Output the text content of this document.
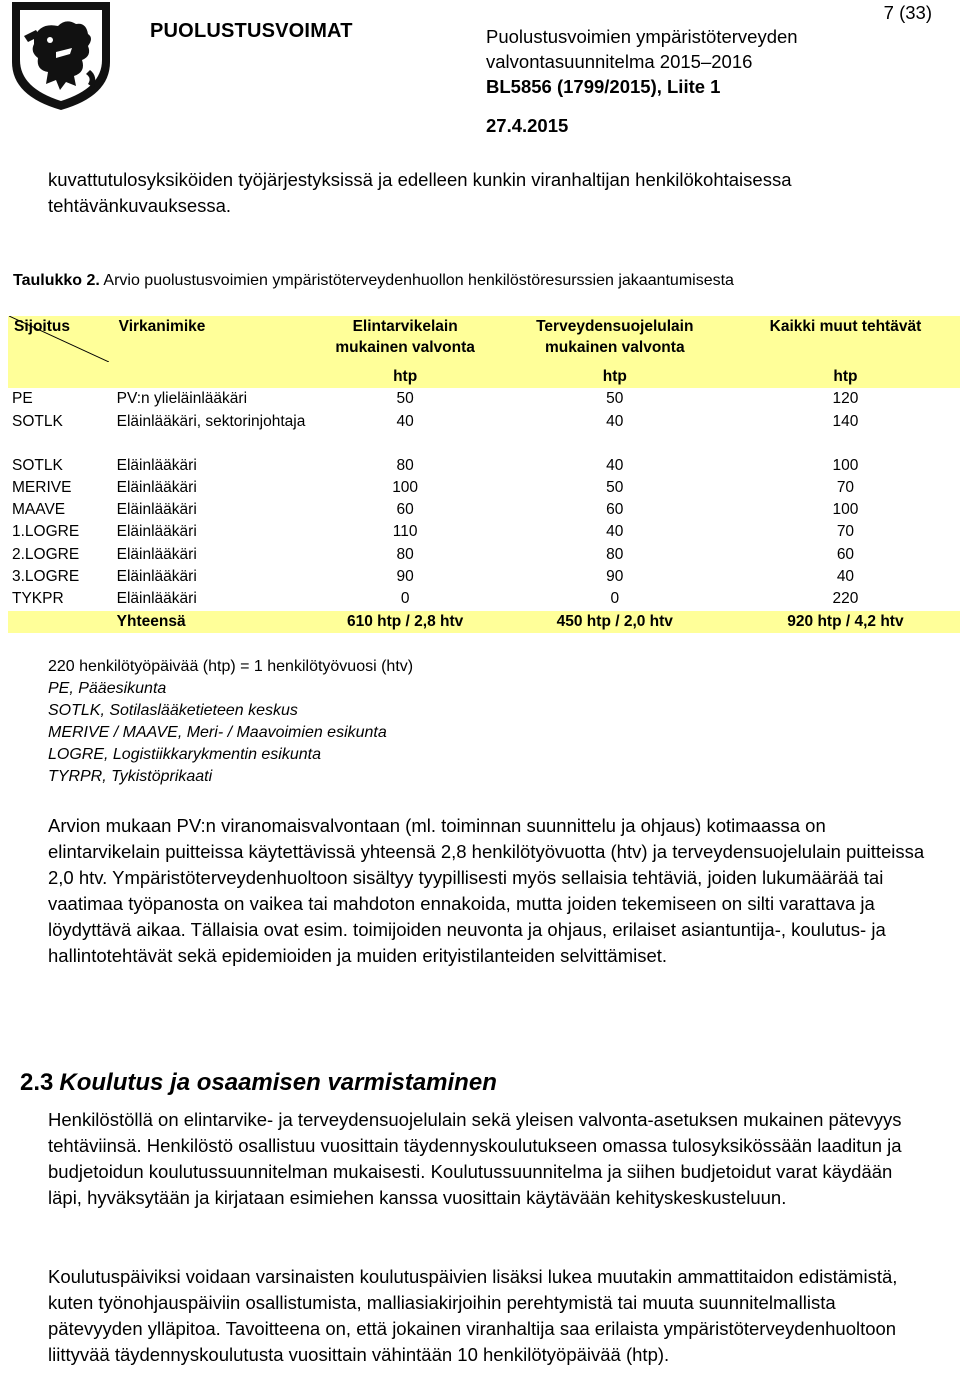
PUOLUSTUSVOIMAT	Puolustusvoimien ympäristöterveyden
valvontasuunnitelma 2015–2016
BL5856 (1799/2015), Liite 1
7 (33)
27.4.2015
kuvattutulosyksiköiden työjärjestyksissä ja edelleen kunkin viranhaltijan henkilökohtaisessa tehtävänkuvauksessa.
Taulukko 2. Arvio puolustusvoimien ympäristöterveydenhuollon henkilöstöresurssien jakaantumisesta
Sijoitus	Virkanimike	Elintarvikelain mukainen valvonta	Terveydensuojelulain mukainen valvonta	Kaikki muut tehtävät
		htp	htp	htp
PE	PV:n ylieläinlääkäri	50	50	120
SOTLK	Eläinlääkäri, sektorinjohtaja	40	40	140
SOTLK	Eläinlääkäri	80	40	100
MERIVE	Eläinlääkäri	100	50	70
MAAVE	Eläinlääkäri	60	60	100
1.LOGRE	Eläinlääkäri	110	40	70
2.LOGRE	Eläinlääkäri	80	80	60
3.LOGRE	Eläinlääkäri	90	90	40
TYKPR	Eläinlääkäri	0	0	220
	Yhteensä	610 htp / 2,8 htv	450 htp / 2,0 htv	920 htp / 4,2 htv
220 henkilötyöpäivää (htp) = 1 henkilötyövuosi (htv)
PE, Pääesikunta
SOTLK, Sotilaslääketieteen keskus
MERIVE / MAAVE, Meri- / Maavoimien esikunta
LOGRE, Logistiikkarykmentin esikunta
TYRPR, Tykistöprikaati
Arvion mukaan PV:n viranomaisvalvontaan (ml. toiminnan suunnittelu ja ohjaus) kotimaassa on elintarvikelain puitteissa käytettävissä yhteensä 2,8 henkilötyövuotta (htv) ja terveydensuojelulain puitteissa 2,0 htv. Ympäristöterveydenhuoltoon sisältyy tyypillisesti myös sellaisia tehtäviä, joiden lukumäärää tai vaatimaa työpanosta on vaikea tai mahdoton ennakoida, mutta joiden tekemiseen on silti varattava ja löydyttävä aikaa. Tällaisia ovat esim. toimijoiden neuvonta ja ohjaus, erilaiset asiantuntija-, koulutus- ja hallintotehtävät sekä epidemioiden ja muiden erityistilanteiden selvittämiset.
2.3 Koulutus ja osaamisen varmistaminen
Henkilöstöllä on elintarvike- ja terveydensuojelulain sekä yleisen valvonta-asetuksen mukainen pätevyys tehtäviinsä. Henkilöstö osallistuu vuosittain täydennyskoulutukseen omassa tulosyksikössään laaditun ja budjetoidun koulutussuunnitelman mukaisesti. Koulutussuunnitelma ja siihen budjetoidut varat käydään läpi, hyväksytään ja kirjataan esimiehen kanssa vuosittain käytävään kehityskeskusteluun.
Koulutuspäiviksi voidaan varsinaisten koulutuspäivien lisäksi lukea muutakin ammattitaidon edistämistä, kuten työnohjauspäiviin osallistumista, malliasiakirjoihin perehtymistä tai muuta suunnitelmallista pätevyyden ylläpitoa. Tavoitteena on, että jokainen viranhaltija saa erilaista ympäristöterveydenhuoltoon liittyvää täydennyskoulutusta vuosittain vähintään 10 henkilötyöpäivää (htp).
